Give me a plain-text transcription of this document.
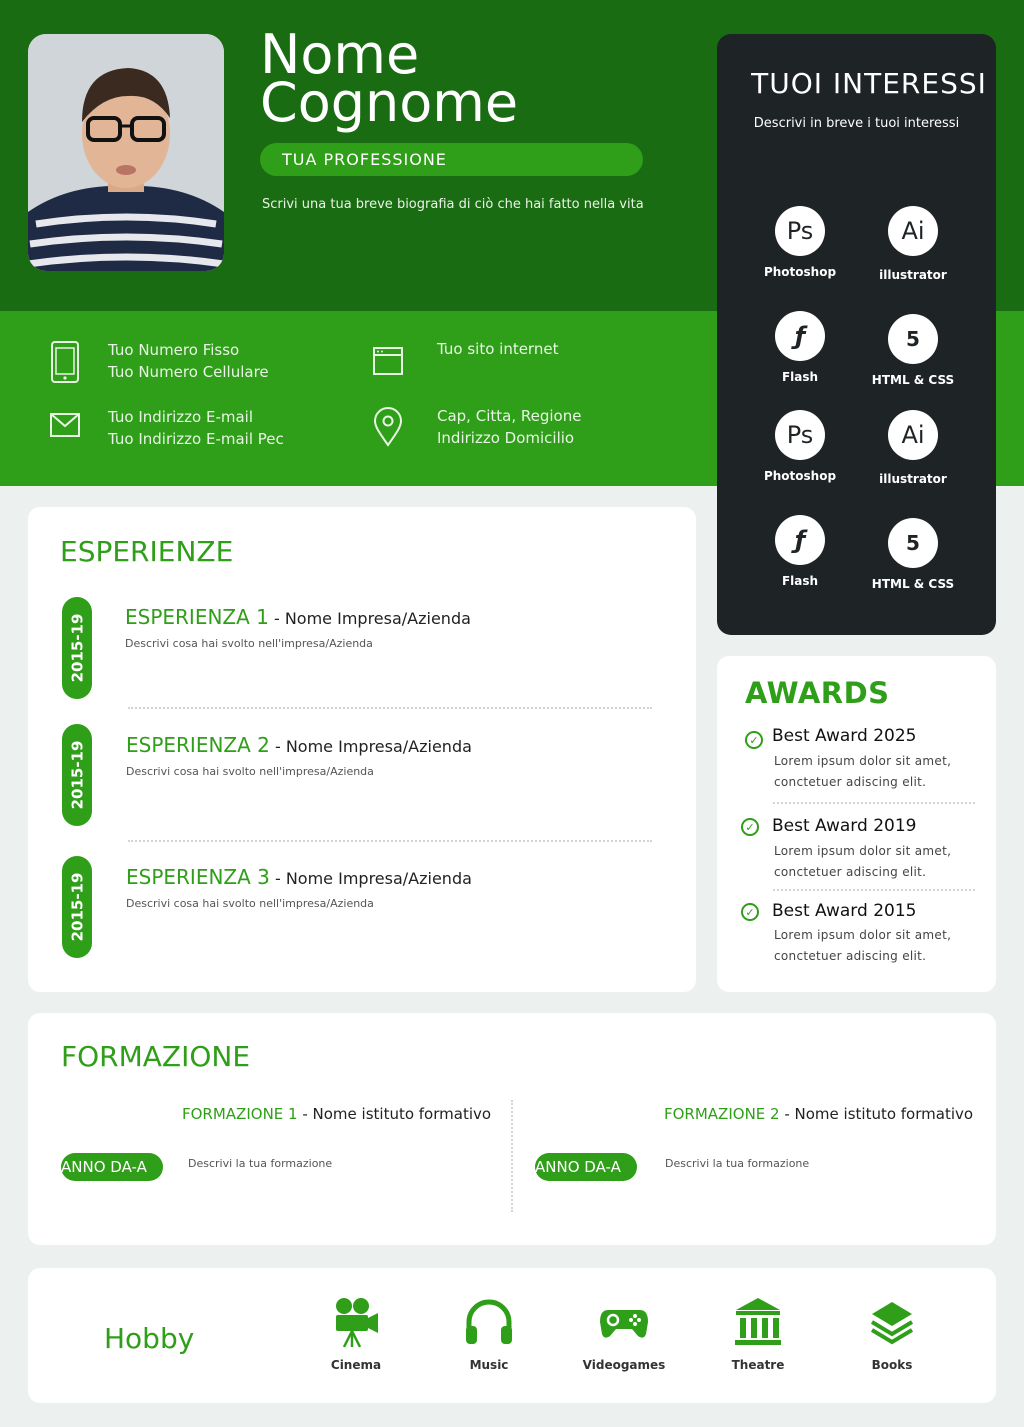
Nome
Cognome
TUA PROFESSIONE
Scrivi una tua breve biografia di ciò che hai fatto nella vita
Tuo Numero Fisso
Tuo Numero Cellulare
Tuo sito internet
Tuo Indirizzo E-mail
Tuo Indirizzo E-mail Pec
Cap, Citta, Regione
Indirizzo Domicilio
TUOI INTERESSI
Descrivi in breve i tuoi interessi
Ps
Photoshop
Ai
illustrator
ƒ
Flash
5
HTML & CSS
Ps
Photoshop
Ai
illustrator
ƒ
Flash
5
HTML & CSS
ESPERIENZE
2015-19 ESPERIENZA 1 - Nome Impresa/Azienda
Descrivi cosa hai svolto nell'impresa/Azienda
2015-19 ESPERIENZA 2 - Nome Impresa/Azienda
Descrivi cosa hai svolto nell'impresa/Azienda
2015-19 ESPERIENZA 3 - Nome Impresa/Azienda
Descrivi cosa hai svolto nell'impresa/Azienda
AWARDS
✓ Best Award 2025
Lorem ipsum dolor sit amet,
conctetuer adiscing elit.
✓ Best Award 2019
Lorem ipsum dolor sit amet,
conctetuer adiscing elit.
✓ Best Award 2015
Lorem ipsum dolor sit amet,
conctetuer adiscing elit.
FORMAZIONE
FORMAZIONE 1 - Nome istituto formativo
ANNO DA-A	Descrivi la tua formazione
FORMAZIONE 2 - Nome istituto formativo
ANNO DA-A	Descrivi la tua formazione
Hobby
Cinema	Music	Videogames	Theatre	Books
